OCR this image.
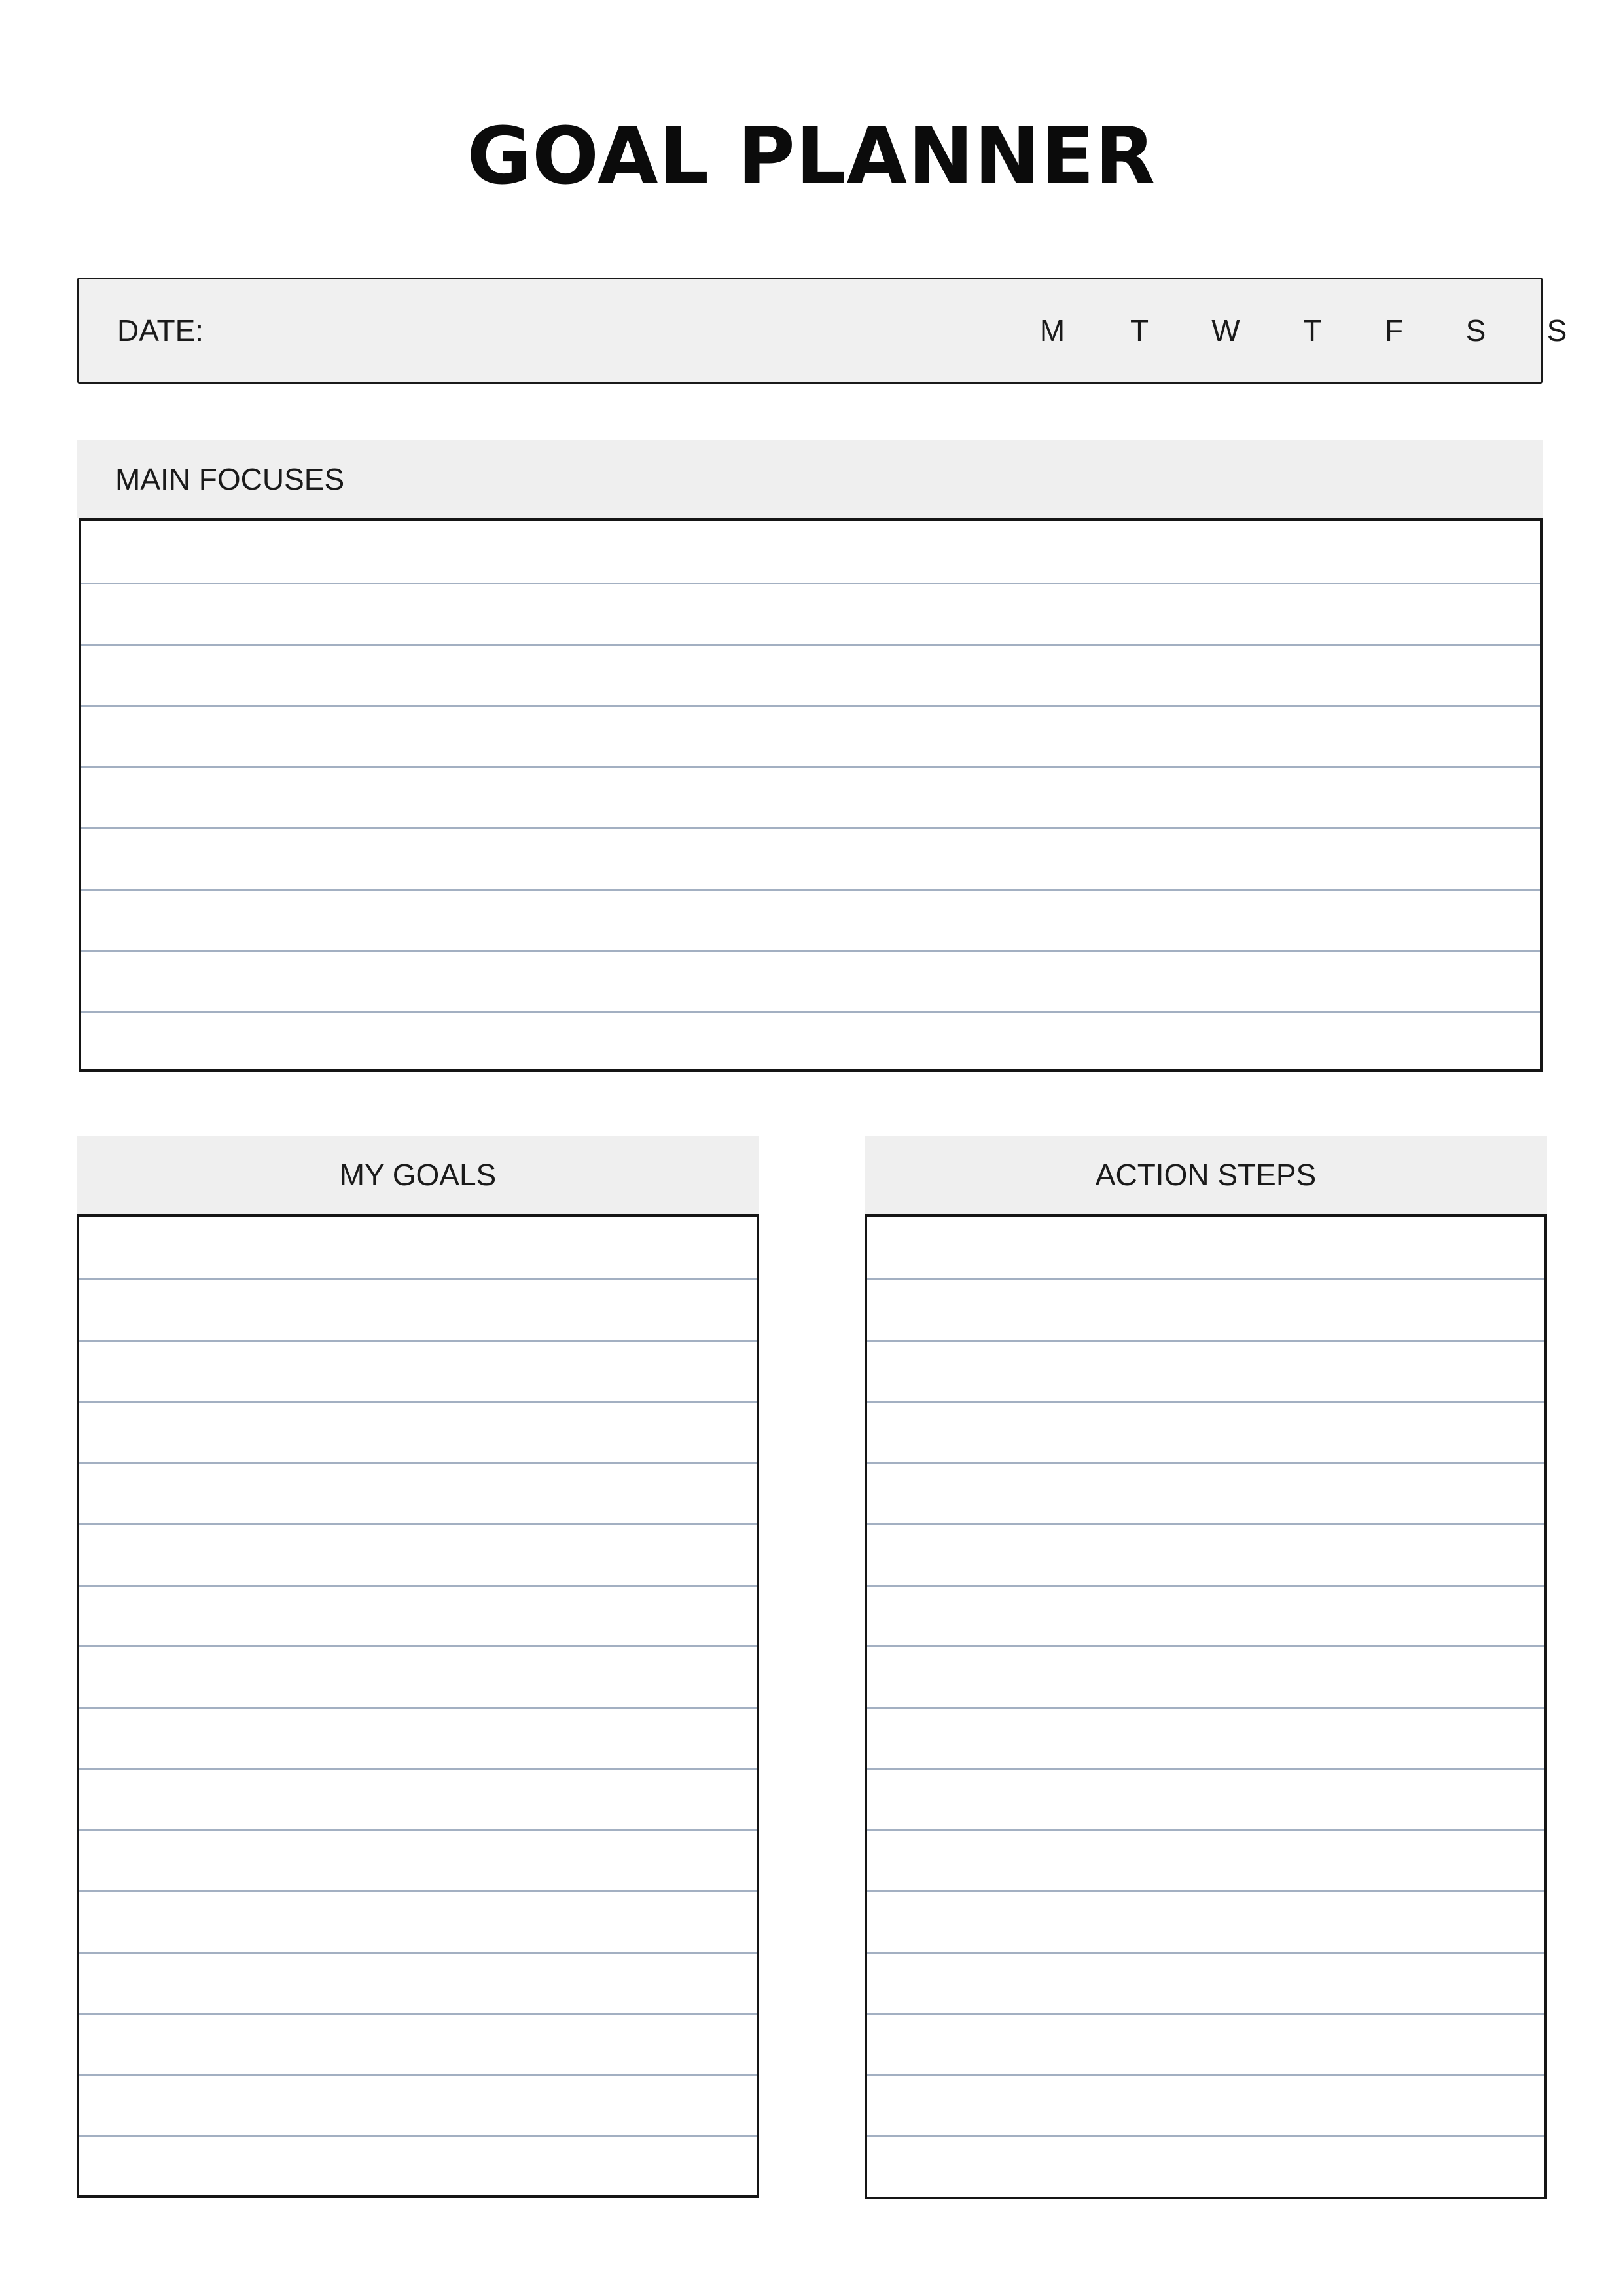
GOAL PLANNER
DATE:	M	T	W	T	F	S	S
MAIN FOCUSES
MY GOALS	ACTION STEPS
